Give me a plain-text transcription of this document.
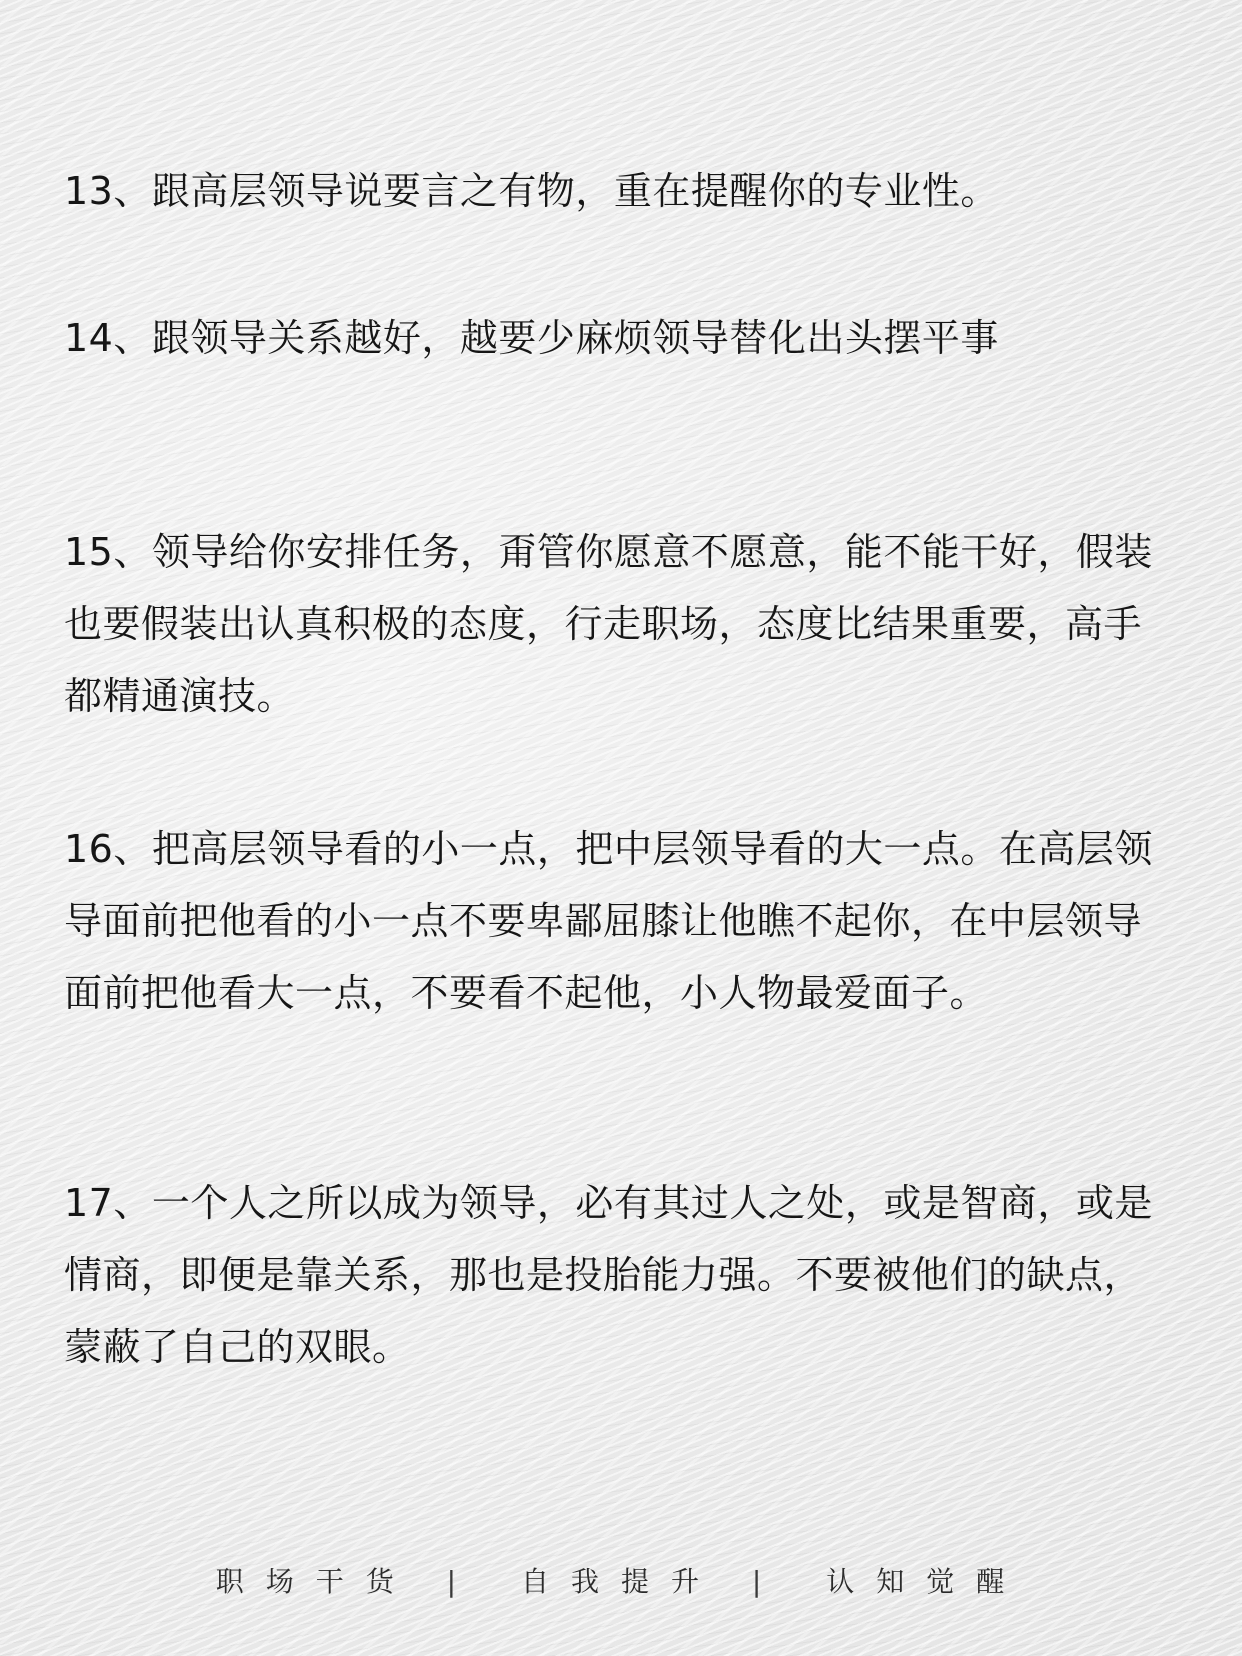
13、跟高层领导说要言之有物，重在提醒你的专业性。

14、跟领导关系越好，越要少麻烦领导替化出头摆平事

15、领导给你安排任务，甭管你愿意不愿意，能不能干好，假装也要假装出认真积极的态度，行走职场，态度比结果重要，高手都精通演技。

16、把高层领导看的小一点，把中层领导看的大一点。在高层领导面前把他看的小一点不要卑鄙屈膝让他瞧不起你，在中层领导面前把他看大一点，不要看不起他，小人物最爱面子。

17、一个人之所以成为领导，必有其过人之处，或是智商，或是情商，即便是靠关系，那也是投胎能力强。不要被他们的缺点，蒙蔽了自己的双眼。

职场干货 | 自我提升 | 认知觉醒
